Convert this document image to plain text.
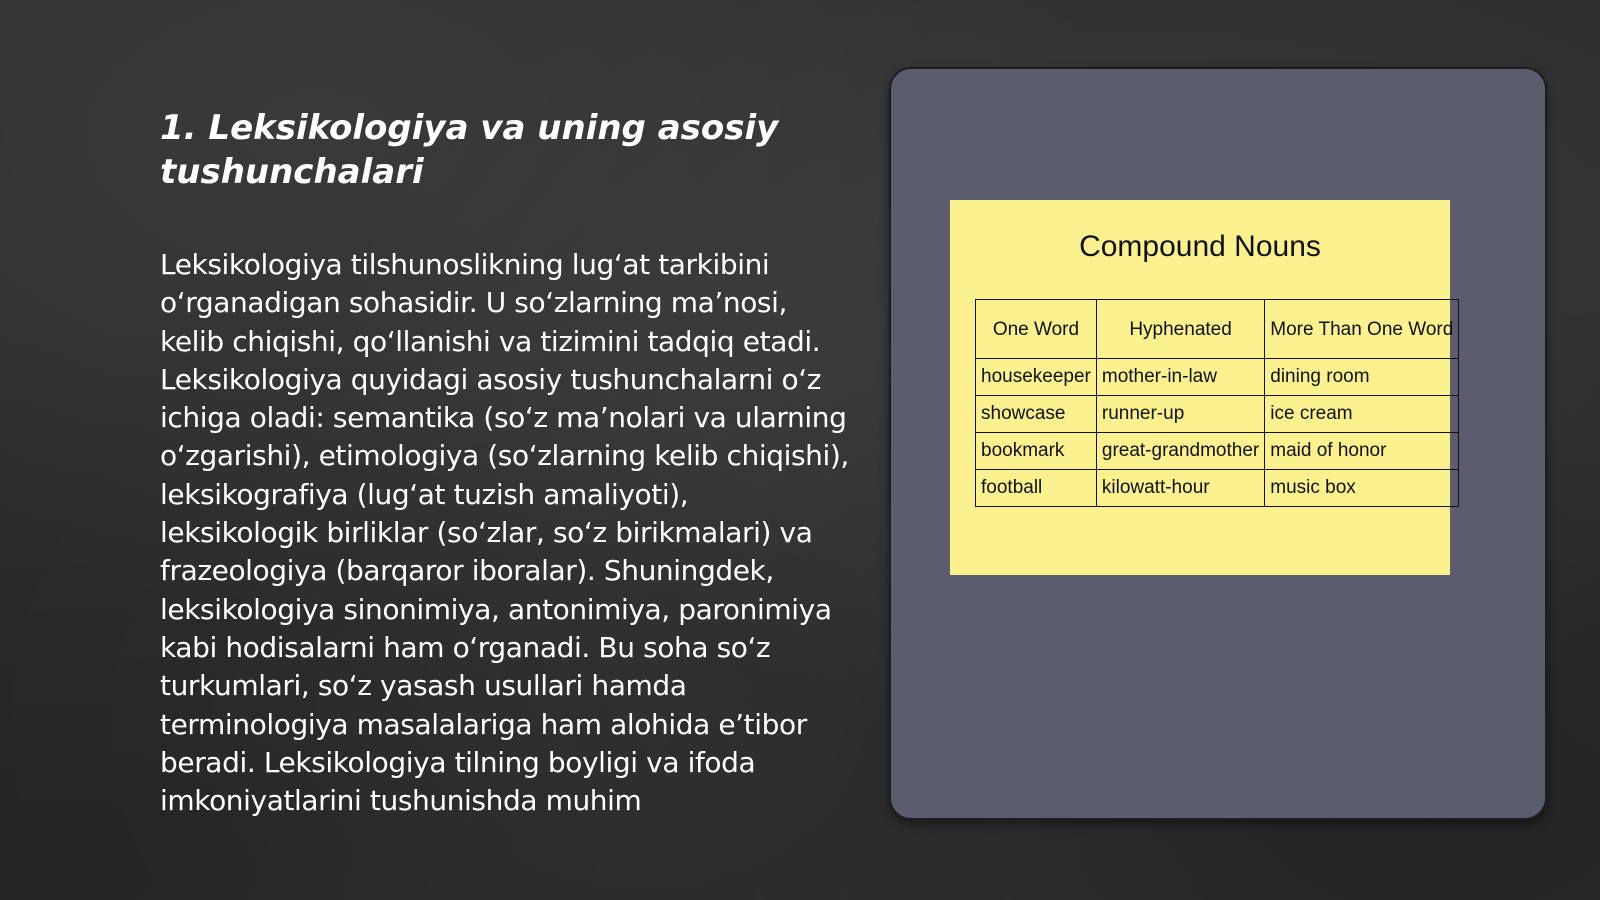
1. Leksikologiya va uning asosiy tushunchalari

Leksikologiya tilshunoslikning lug‘at tarkibini o‘rganadigan sohasidir. U so‘zlarning ma’nosi, kelib chiqishi, qo‘llanishi va tizimini tadqiq etadi. Leksikologiya quyidagi asosiy tushunchalarni o‘z ichiga oladi: semantika (so‘z ma’nolari va ularning o‘zgarishi), etimologiya (so‘zlarning kelib chiqishi), leksikografiya (lug‘at tuzish amaliyoti), leksikologik birliklar (so‘zlar, so‘z birikmalari) va frazeologiya (barqaror iboralar). Shuningdek, leksikologiya sinonimiya, antonimiya, paronimiya kabi hodisalarni ham o‘rganadi. Bu soha so‘z turkumlari, so‘z yasash usullari hamda terminologiya masalalariga ham alohida e’tibor beradi. Leksikologiya tilning boyligi va ifoda imkoniyatlarini tushunishda muhim

Compound Nouns
One Word	Hyphenated	More Than One Word
housekeeper	mother-in-law	dining room
showcase	runner-up	ice cream
bookmark	great-grandmother	maid of honor
football	kilowatt-hour	music box
